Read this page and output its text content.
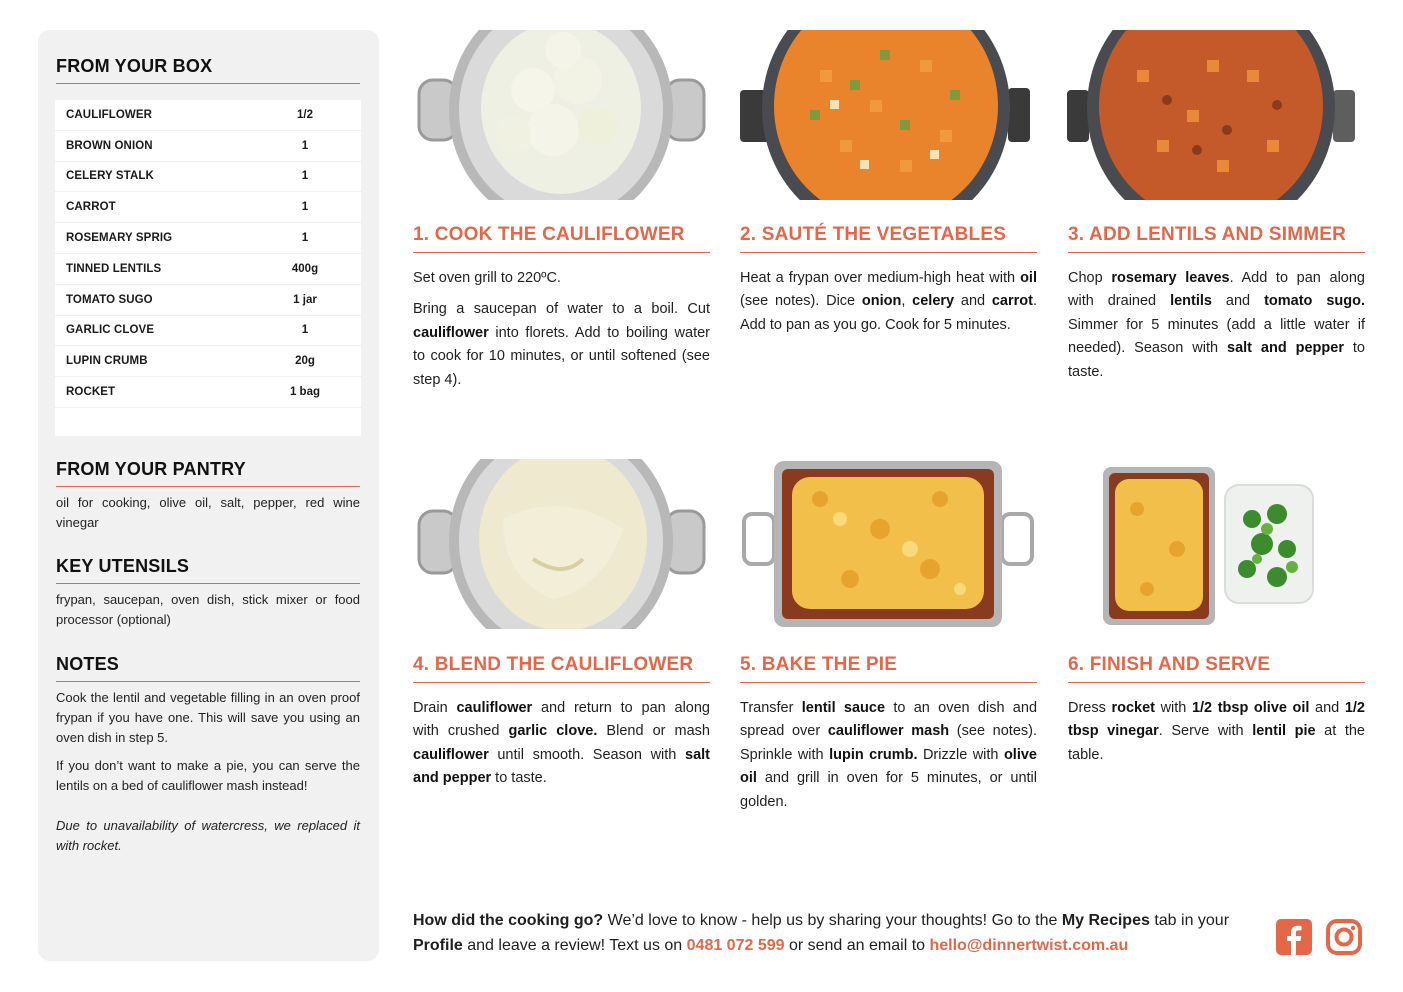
FROM YOUR BOX
CAULIFLOWER	1/2
BROWN ONION	1
CELERY STALK	1
CARROT	1
ROSEMARY SPRIG	1
TINNED LENTILS	400g
TOMATO SUGO	1 jar
GARLIC CLOVE	1
LUPIN CRUMB	20g
ROCKET	1 bag
FROM YOUR PANTRY
oil for cooking, olive oil, salt, pepper, red wine vinegar
KEY UTENSILS
frypan, saucepan, oven dish, stick mixer or food processor (optional)
NOTES
Cook the lentil and vegetable filling in an oven proof frypan if you have one. This will save you using an oven dish in step 5.
If you don’t want to make a pie, you can serve the lentils on a bed of cauliflower mash instead!
Due to unavailability of watercress, we replaced it with rocket.
1. COOK THE CAULIFLOWER

Set oven grill to 220ºC.

Bring a saucepan of water to a boil. Cut cauliflower into florets. Add to boiling water to cook for 10 minutes, or until softened (see step 4).

2. SAUTÉ THE VEGETABLES

Heat a frypan over medium-high heat with oil (see notes). Dice onion, celery and carrot. Add to pan as you go. Cook for 5 minutes.

3. ADD LENTILS AND SIMMER

Chop rosemary leaves. Add to pan along with drained lentils and tomato sugo. Simmer for 5 minutes (add a little water if needed). Season with salt and pepper to taste.

4. BLEND THE CAULIFLOWER

Drain cauliflower and return to pan along with crushed garlic clove. Blend or mash cauliflower until smooth. Season with salt and pepper to taste.

5. BAKE THE PIE

Transfer lentil sauce to an oven dish and spread over cauliflower mash (see notes). Sprinkle with lupin crumb. Drizzle with olive oil and grill in oven for 5 minutes, or until golden.

6. FINISH AND SERVE

Dress rocket with 1/2 tbsp olive oil and 1/2 tbsp vinegar. Serve with lentil pie at the table.

How did the cooking go? We’d love to know - help us by sharing your thoughts! Go to the My Recipes tab in your Profile and leave a review! Text us on 0481 072 599 or send an email to hello@dinnertwist.com.au
